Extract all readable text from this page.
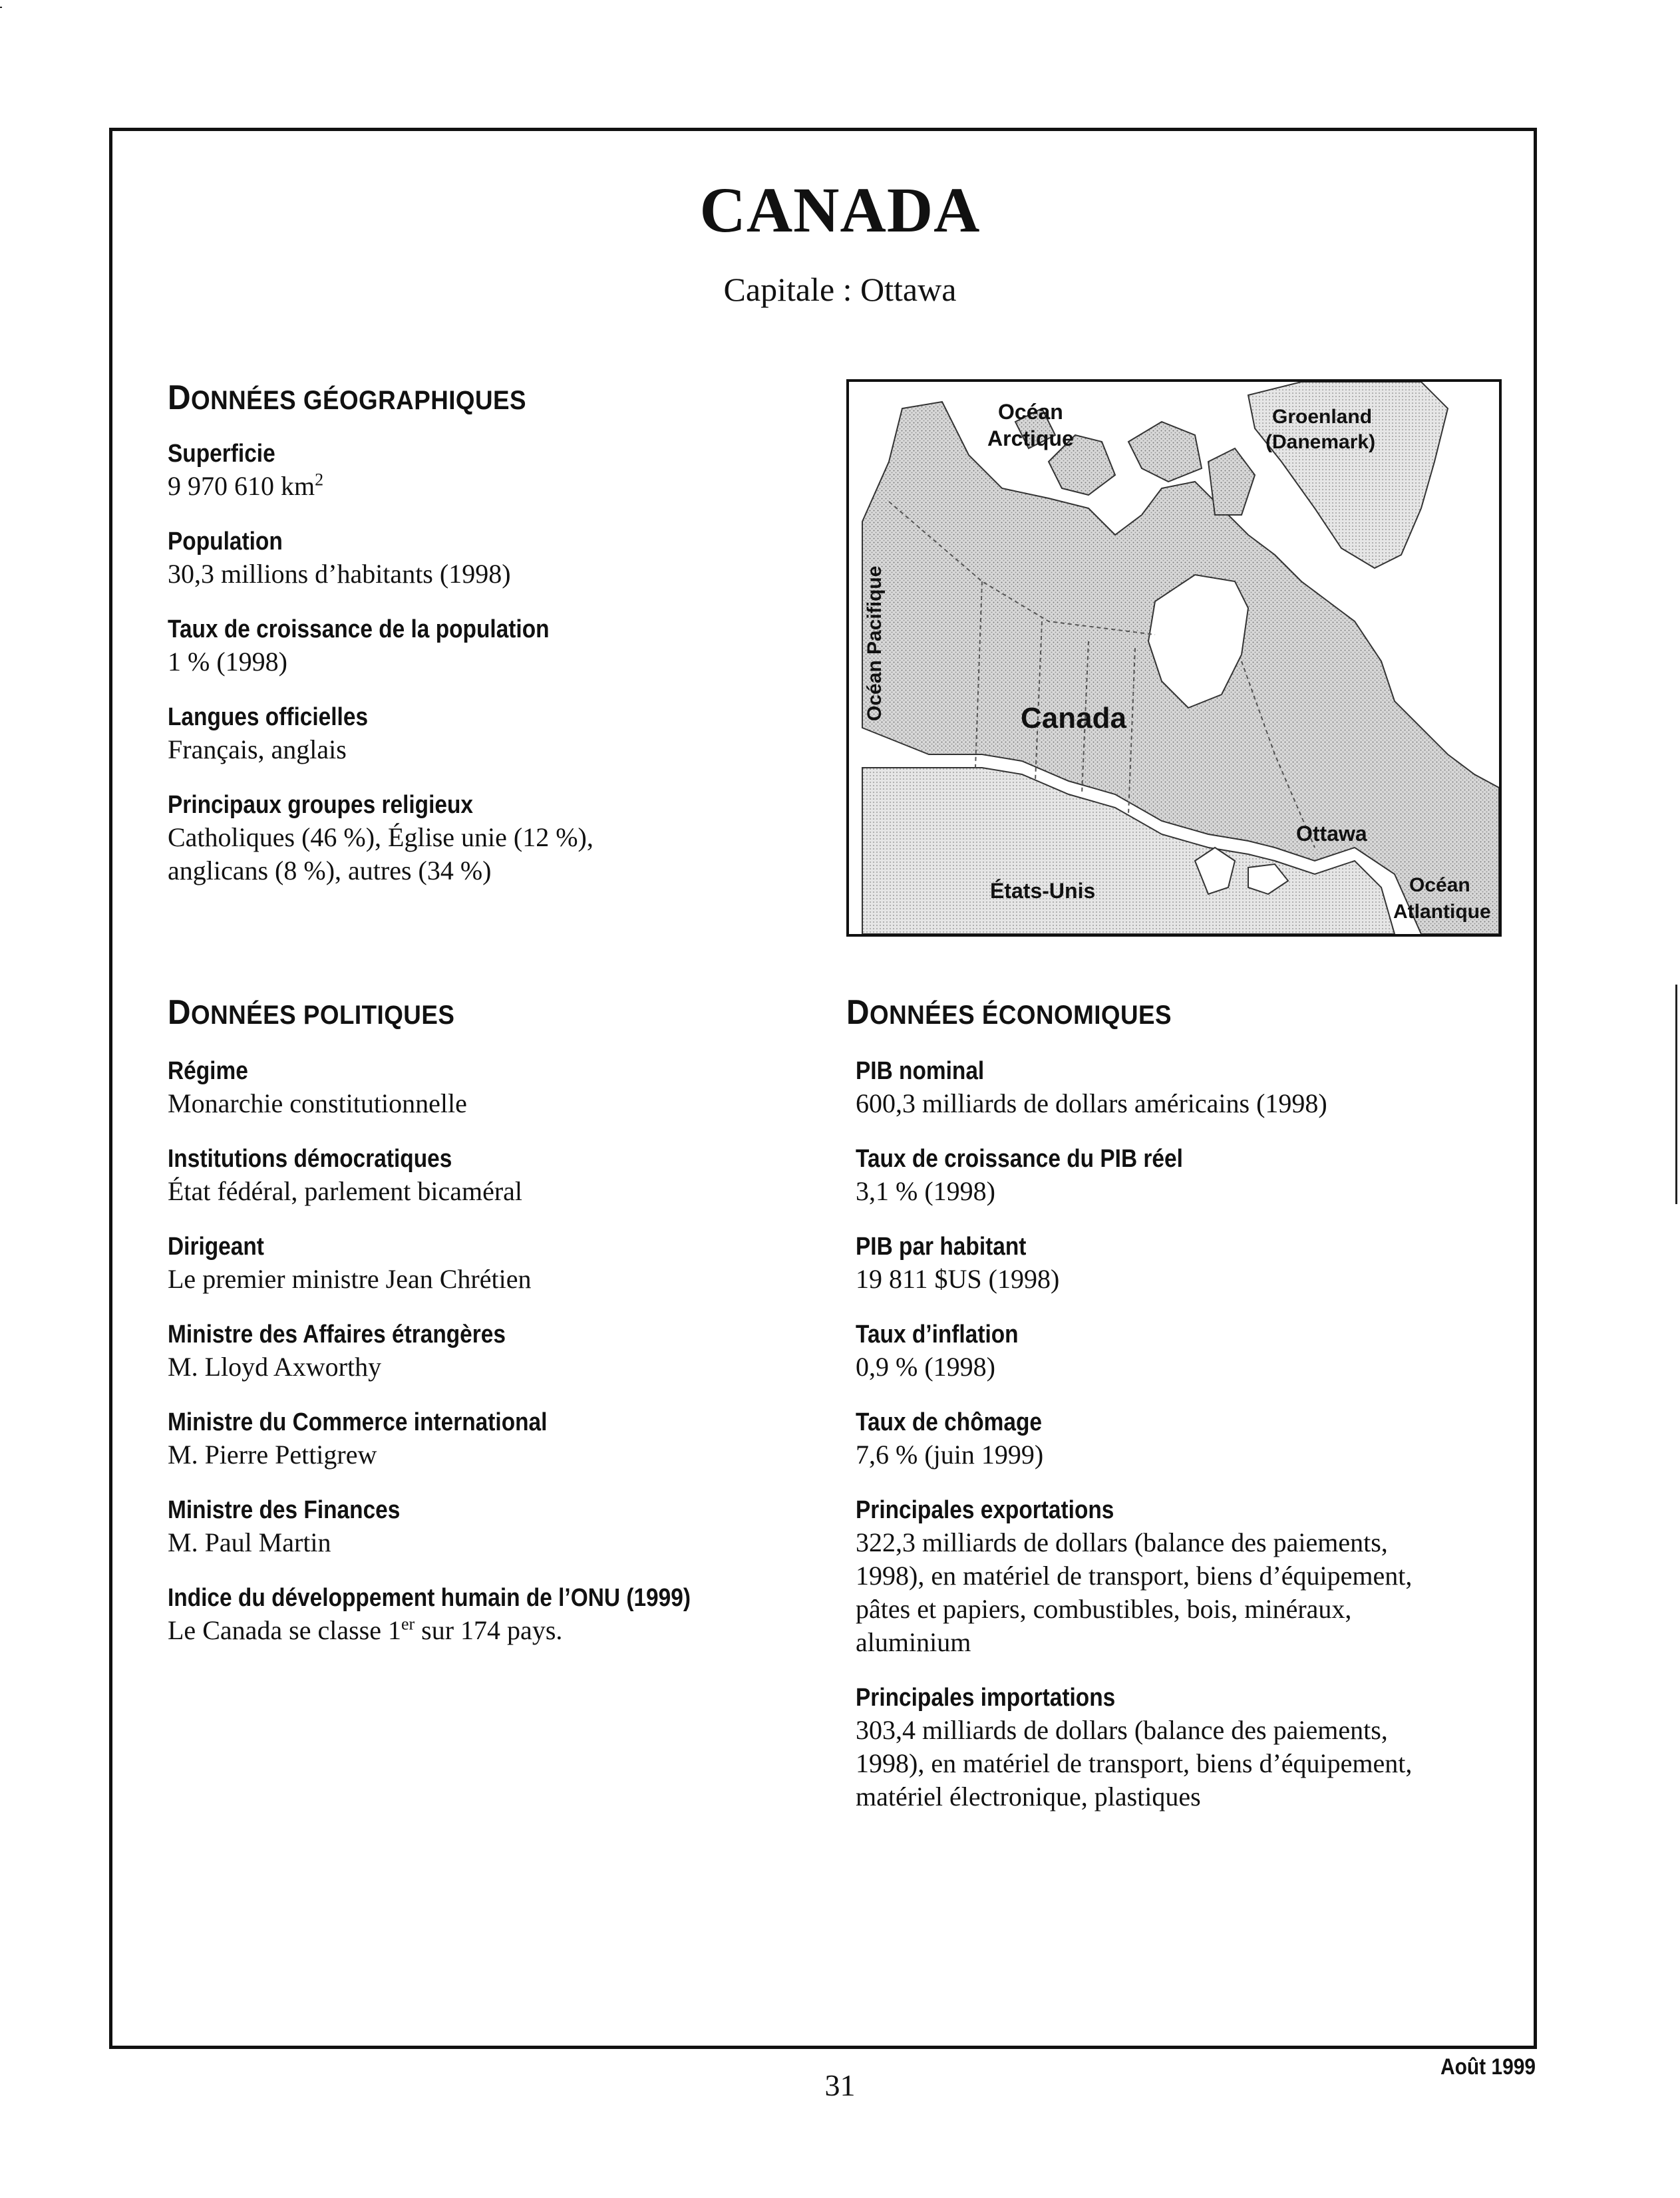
CANADA
Capitale : Ottawa
DONNÉES GÉOGRAPHIQUES
Superficie
9 970 610 $km^2$
Population
30,3 millions d’habitants (1998)
Taux de croissance de la population
1 % (1998)
Langues officielles
Français, anglais
Principaux groupes religieux
Catholiques (46 %), Église unie (12 %),
anglicans (8 %), autres (34 %)
Océan
Arctique
Groenland
(Danemark)
Océan Pacifique	Canada
Ottawa
États-Unis	Océan
Atlantique
DONNÉES POLITIQUES
Régime
Monarchie constitutionnelle
Institutions démocratiques
État fédéral, parlement bicaméral
Dirigeant
Le premier ministre Jean Chrétien
Ministre des Affaires étrangères
M. Lloyd Axworthy
Ministre du Commerce international
M. Pierre Pettigrew
Ministre des Finances
M. Paul Martin
Indice du développement humain de l’ONU (1999)
Le Canada se classe 1er sur 174 pays.
DONNÉES ÉCONOMIQUES
PIB nominal
600,3 milliards de dollars américains (1998)
Taux de croissance du PIB réel
3,1 % (1998)
PIB par habitant
19 811 $US (1998)
Taux d’inflation
0,9 % (1998)
Taux de chômage
7,6 % (juin 1999)
Principales exportations
322,3 milliards de dollars (balance des paiements,
1998), en matériel de transport, biens d’équipement,
pâtes et papiers, combustibles, bois, minéraux,
aluminium
Principales importations
303,4 milliards de dollars (balance des paiements,
1998), en matériel de transport, biens d’équipement,
matériel électronique, plastiques
31
Août 1999
